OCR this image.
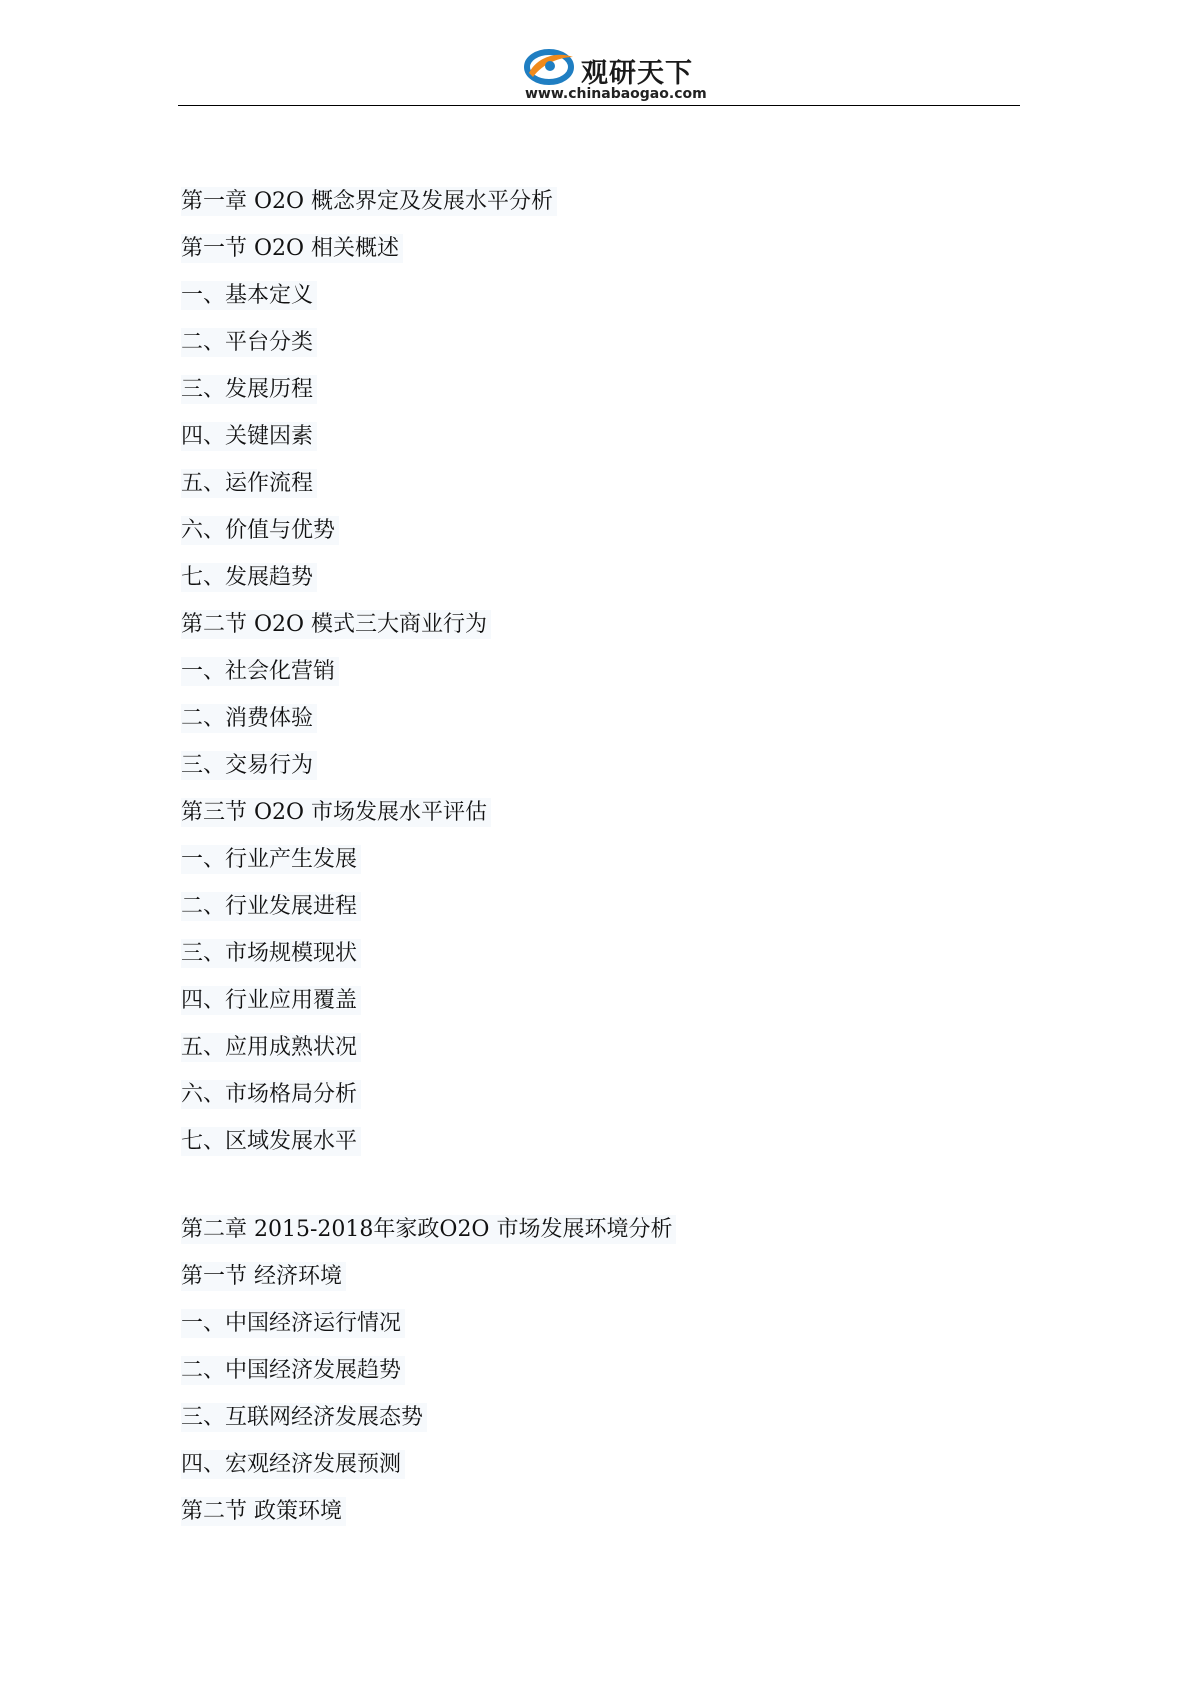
观研天下
www.chinabaogao.com
第一章 O2O 概念界定及发展水平分析
第一节 O2O 相关概述
一、基本定义
二、平台分类
三、发展历程
四、关键因素
五、运作流程
六、价值与优势
七、发展趋势
第二节 O2O 模式三大商业行为
一、社会化营销
二、消费体验
三、交易行为
第三节 O2O 市场发展水平评估
一、行业产生发展
二、行业发展进程
三、市场规模现状
四、行业应用覆盖
五、应用成熟状况
六、市场格局分析
七、区域发展水平
第二章 2015-2018年家政O2O 市场发展环境分析
第一节 经济环境
一、中国经济运行情况
二、中国经济发展趋势
三、互联网经济发展态势
四、宏观经济发展预测
第二节 政策环境
